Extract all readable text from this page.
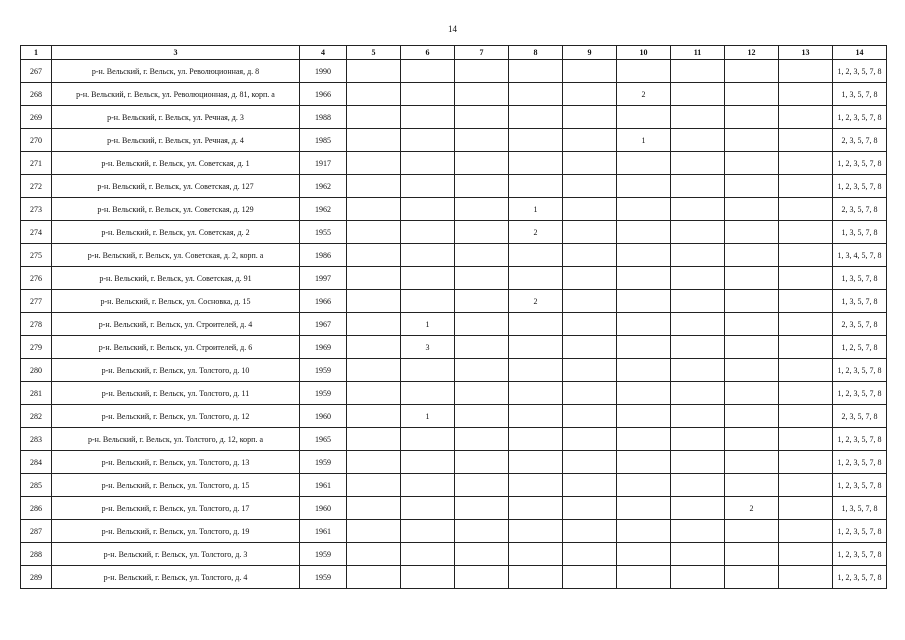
14
1	3	4	5	6	7	8	9	10	11	12	13	14
267	р-н. Вельский, г. Вельск, ул. Революционная, д. 8	1990										1, 2, 3, 5, 7, 8
268	р-н. Вельский, г. Вельск, ул. Революционная, д. 81, корп. а	1966						2				1, 3, 5, 7, 8
269	р-н. Вельский, г. Вельск, ул. Речная, д. 3	1988										1, 2, 3, 5, 7, 8
270	р-н. Вельский, г. Вельск, ул. Речная, д. 4	1985						1				2, 3, 5, 7, 8
271	р-н. Вельский, г. Вельск, ул. Советская, д. 1	1917										1, 2, 3, 5, 7, 8
272	р-н. Вельский, г. Вельск, ул. Советская, д. 127	1962										1, 2, 3, 5, 7, 8
273	р-н. Вельский, г. Вельск, ул. Советская, д. 129	1962				1						2, 3, 5, 7, 8
274	р-н. Вельский, г. Вельск, ул. Советская, д. 2	1955				2						1, 3, 5, 7, 8
275	р-н. Вельский, г. Вельск, ул. Советская, д. 2, корп. а	1986										1, 3, 4, 5, 7, 8
276	р-н. Вельский, г. Вельск, ул. Советская, д. 91	1997										1, 3, 5, 7, 8
277	р-н. Вельский, г. Вельск, ул. Сосновка, д. 15	1966				2						1, 3, 5, 7, 8
278	р-н. Вельский, г. Вельск, ул. Строителей, д. 4	1967		1								2, 3, 5, 7, 8
279	р-н. Вельский, г. Вельск, ул. Строителей, д. 6	1969		3								1, 2, 5, 7, 8
280	р-н. Вельский, г. Вельск, ул. Толстого, д. 10	1959										1, 2, 3, 5, 7, 8
281	р-н. Вельский, г. Вельск, ул. Толстого, д. 11	1959										1, 2, 3, 5, 7, 8
282	р-н. Вельский, г. Вельск, ул. Толстого, д. 12	1960		1								2, 3, 5, 7, 8
283	р-н. Вельский, г. Вельск, ул. Толстого, д. 12, корп. а	1965										1, 2, 3, 5, 7, 8
284	р-н. Вельский, г. Вельск, ул. Толстого, д. 13	1959										1, 2, 3, 5, 7, 8
285	р-н. Вельский, г. Вельск, ул. Толстого, д. 15	1961										1, 2, 3, 5, 7, 8
286	р-н. Вельский, г. Вельск, ул. Толстого, д. 17	1960								2		1, 3, 5, 7, 8
287	р-н. Вельский, г. Вельск, ул. Толстого, д. 19	1961										1, 2, 3, 5, 7, 8
288	р-н. Вельский, г. Вельск, ул. Толстого, д. 3	1959										1, 2, 3, 5, 7, 8
289	р-н. Вельский, г. Вельск, ул. Толстого, д. 4	1959										1, 2, 3, 5, 7, 8
